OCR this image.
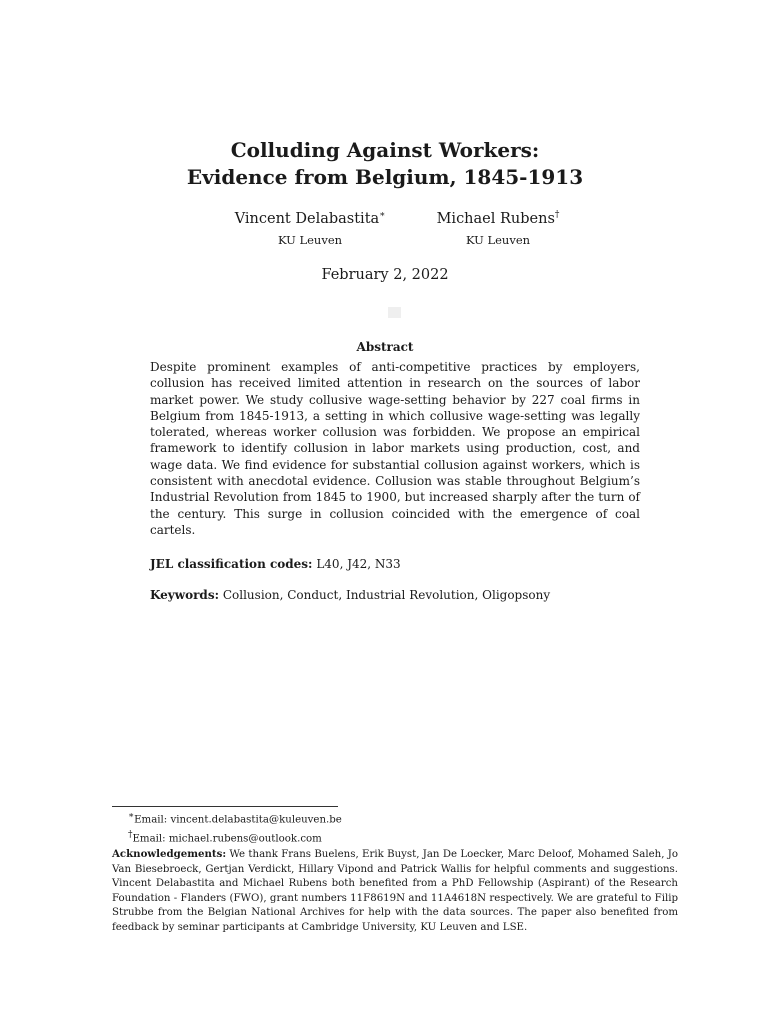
Colluding Against Workers:
Evidence from Belgium, 1845-1913
Vincent Delabastita∗
KU Leuven
Michael Rubens†
KU Leuven
February 2, 2022
Abstract
Despite prominent examples of anti-competitive practices by employers, collusion has received limited attention in research on the sources of labor market power. We study collusive wage-setting behavior by 227 coal firms in Belgium from 1845-1913, a setting in which collusive wage-setting was legally tolerated, whereas worker collusion was forbidden. We propose an empirical framework to identify collusion in labor markets using production, cost, and wage data. We find evidence for substantial collusion against workers, which is consistent with anecdotal evidence. Collusion was stable throughout Belgium’s Industrial Revolution from 1845 to 1900, but increased sharply after the turn of the century. This surge in collusion coincided with the emergence of coal cartels.
JEL classification codes: L40, J42, N33
Keywords: Collusion, Conduct, Industrial Revolution, Oligopsony
∗Email: vincent.delabastita@kuleuven.be
†Email: michael.rubens@outlook.com
Acknowledgements: We thank Frans Buelens, Erik Buyst, Jan De Loecker, Marc Deloof, Mohamed Saleh, Jo Van Biesebroeck, Gertjan Verdickt, Hillary Vipond and Patrick Wallis for helpful comments and suggestions. Vincent Delabastita and Michael Rubens both benefited from a PhD Fellowship (Aspirant) of the Research Foundation - Flanders (FWO), grant numbers 11F8619N and 11A4618N respectively. We are grateful to Filip Strubbe from the Belgian National Archives for help with the data sources. The paper also benefited from feedback by seminar participants at Cambridge University, KU Leuven and LSE.
